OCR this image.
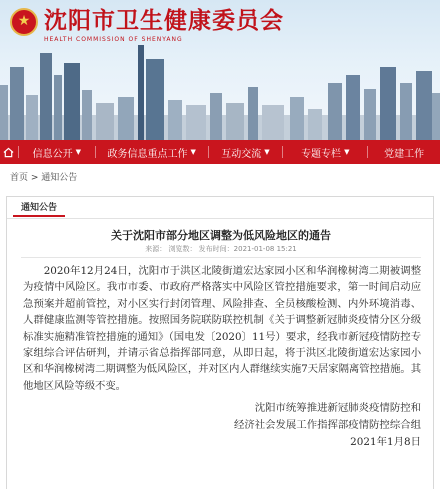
★
沈阳市卫生健康委员会
HEALTH COMMISSION OF SHENYANG
信息公开 ▼	政务信息重点工作 ▼	互动交流 ▼	专题专栏 ▼	党建工作
首页 > 通知公告
通知公告
关于沈阳市部分地区调整为低风险地区的通告
来源： 浏览数： 发布时间：2021-01-08 15:21

2020年12月24日，沈阳市于洪区北陵街道宏达家园小区和华润橡树湾二期被调整为疫情中风险区。我市市委、市政府严格落实中风险区管控措施要求，第一时间启动应急预案并超前管控，对小区实行封闭管理、风险排查、全员核酸检测、内外环境消毒、人群健康监测等管控措施。按照国务院联防联控机制《关于调整新冠肺炎疫情分区分级标准实施精准管控措施的通知》（国电发〔2020〕11号）要求，经我市新冠疫情防控专家组综合评估研判，并请示省总指挥部同意，从即日起，将于洪区北陵街道宏达家园小区和华润橡树湾二期调整为低风险区，并对区内人群继续实施7天居家隔离管控措施。其他地区风险等级不变。

沈阳市统筹推进新冠肺炎疫情防控和
经济社会发展工作指挥部疫情防控综合组
2021年1月8日
